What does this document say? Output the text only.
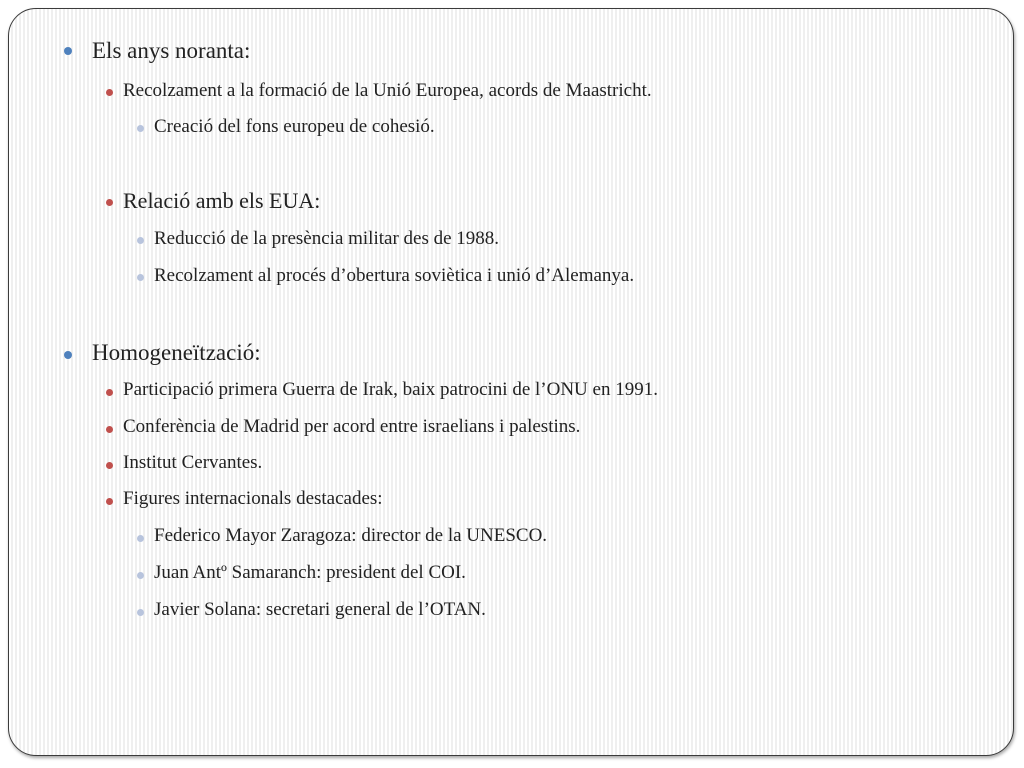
Els anys noranta:
Recolzament a la formació de la Unió Europea, acords de Maastricht.
Creació del fons europeu de cohesió.
Relació amb els EUA:
Reducció de la presència militar des de 1988.
Recolzament al procés d’obertura soviètica i unió d’Alemanya.
Homogeneïtzació:
Participació primera Guerra de Irak, baix patrocini de l’ONU en 1991.
Conferència de Madrid per acord entre israelians i palestins.
Institut Cervantes.
Figures internacionals destacades:
Federico Mayor Zaragoza: director de la UNESCO.
Juan Antº Samaranch: president del COI.
Javier Solana: secretari general de l’OTAN.
